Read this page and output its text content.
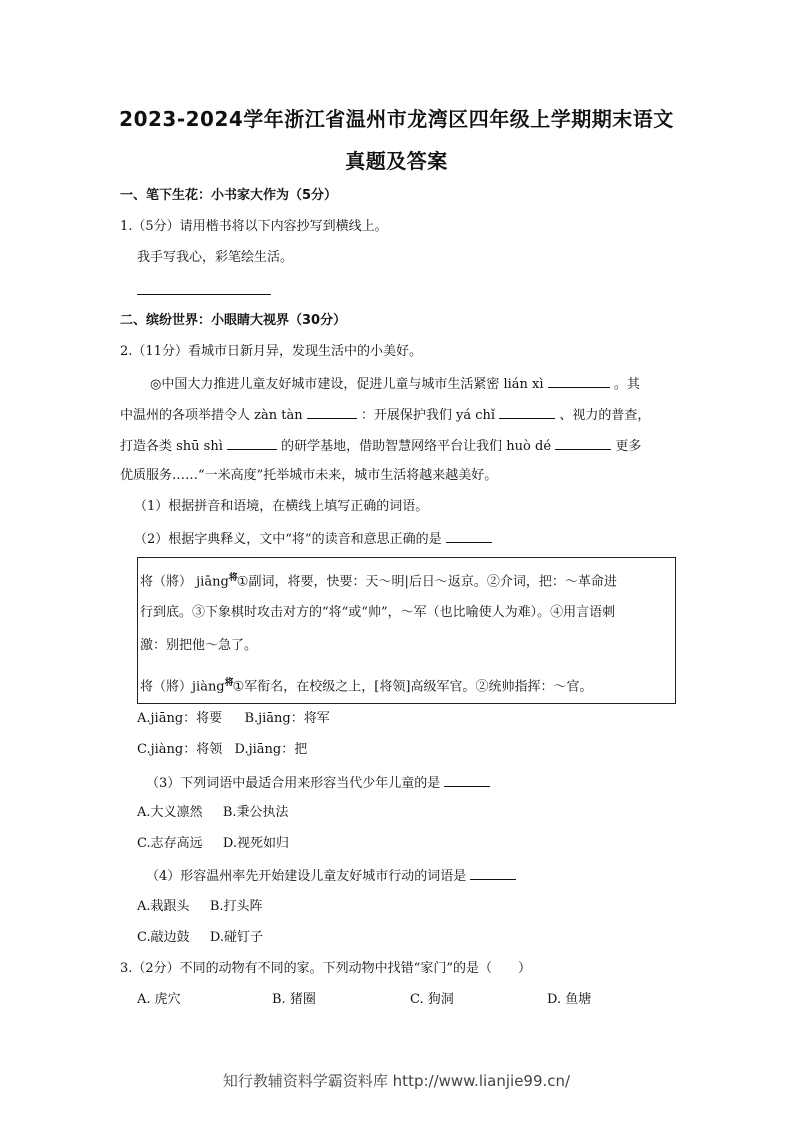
2023-2024学年浙江省温州市龙湾区四年级上学期期末语文
真题及答案
一、笔下生花：小书家大作为（5分）
1.（5分）请用楷书将以下内容抄写到横线上。
我手写我心，彩笔绘生活。
二、缤纷世界：小眼睛大视界（30分）
2.（11分）看城市日新月异，发现生活中的小美好。
◎中国大力推进儿童友好城市建设，促进儿童与城市生活紧密 lián xì	。其
中温州的各项举措令人 zàn tàn	：开展保护我们 yá chǐ	、视力的普查，
打造各类 shū shì	的研学基地，借助智慧网络平台让我们 huò dé	更多
优质服务……“一米高度”托举城市未来，城市生活将越来越美好。
（1）根据拼音和语境，在横线上填写正确的词语。
（2）根据字典释义，文中“将”的读音和意思正确的是
将（將） jiāng将①副词，将要，快要：天～明|后日～返京。②介词，把：～革命进
行到底。③下象棋时攻击对方的“将“或“帅”，～军（也比喻使人为难）。④用言语刺
激：别把他～急了。
将（將）jiàng将①军衔名，在校级之上，[将领]高级军官。②统帅指挥：～官。
A.jiāng：将要 B.jiāng：将军
C.jiàng：将领 D.jiāng：把
（3）下列词语中最适合用来形容当代少年儿童的是
A.大义凛然 B.秉公执法
C.志存高远 D.视死如归
（4）形容温州率先开始建设儿童友好城市行动的词语是
A.栽跟头 B.打头阵
C.敲边鼓 D.碰钉子
3.（2分）不同的动物有不同的家。下列动物中找错“家门”的是（　　）
A. 虎穴	B. 猪圈	C. 狗洞	D. 鱼塘
知行教辅资料学霸资料库 http://www.lianjie99.cn/
